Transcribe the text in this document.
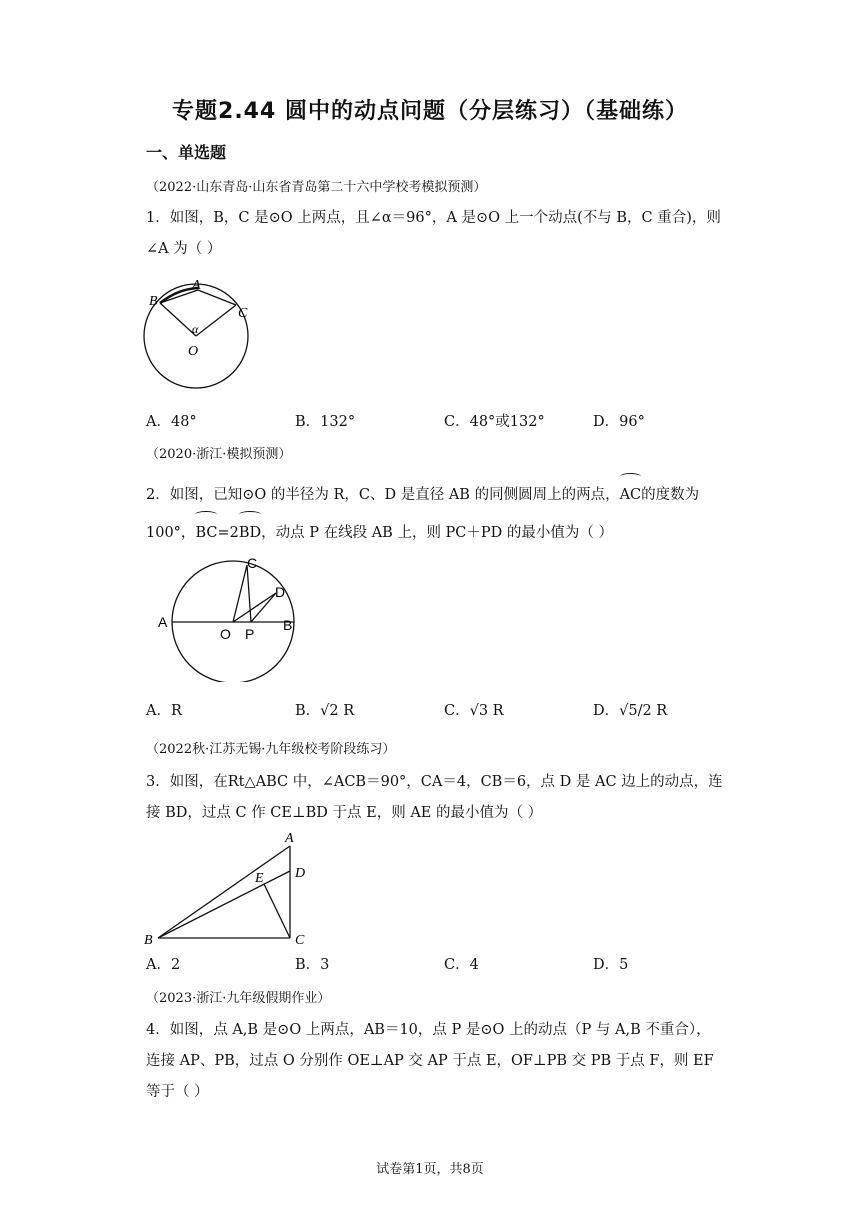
专题2.44 圆中的动点问题（分层练习）（基础练）
一、单选题
（2022·山东青岛·山东省青岛第二十六中学校考模拟预测）
1．如图，B，C 是⊙O 上两点，且∠α＝96°，A 是⊙O 上一个动点(不与 B，C 重合)，则∠A 为（ ）
A
B
C
α
O
A．48°	B．132°	C．48°或132°	D．96°
（2020·浙江·模拟预测）
2．如图，已知⊙O 的半径为 R，C、D 是直径 AB 的同侧圆周上的两点，AC的度数为100°，BC=2BD，动点 P 在线段 AB 上，则 PC＋PD 的最小值为（ ）
A
O P
B
C
D
A．R	B．√2 R	C．√3 R	D．√5/2 R
（2022秋·江苏无锡·九年级校考阶段练习）
3．如图，在Rt△ABC 中，∠ACB＝90°，CA＝4，CB＝6，点 D 是 AC 边上的动点，连接 BD，过点 C 作 CE⊥BD 于点 E，则 AE 的最小值为（ ）
A
D
E
B	C
A．2	B．3	C．4	D．5
（2023·浙江·九年级假期作业）
4．如图，点 A,B 是⊙O 上两点，AB＝10，点 P 是⊙O 上的动点（P 与 A,B 不重合），连接 AP、PB，过点 O 分别作 OE⊥AP 交 AP 于点 E，OF⊥PB 交 PB 于点 F，则 EF 等于（ ）
试卷第1页，共8页
